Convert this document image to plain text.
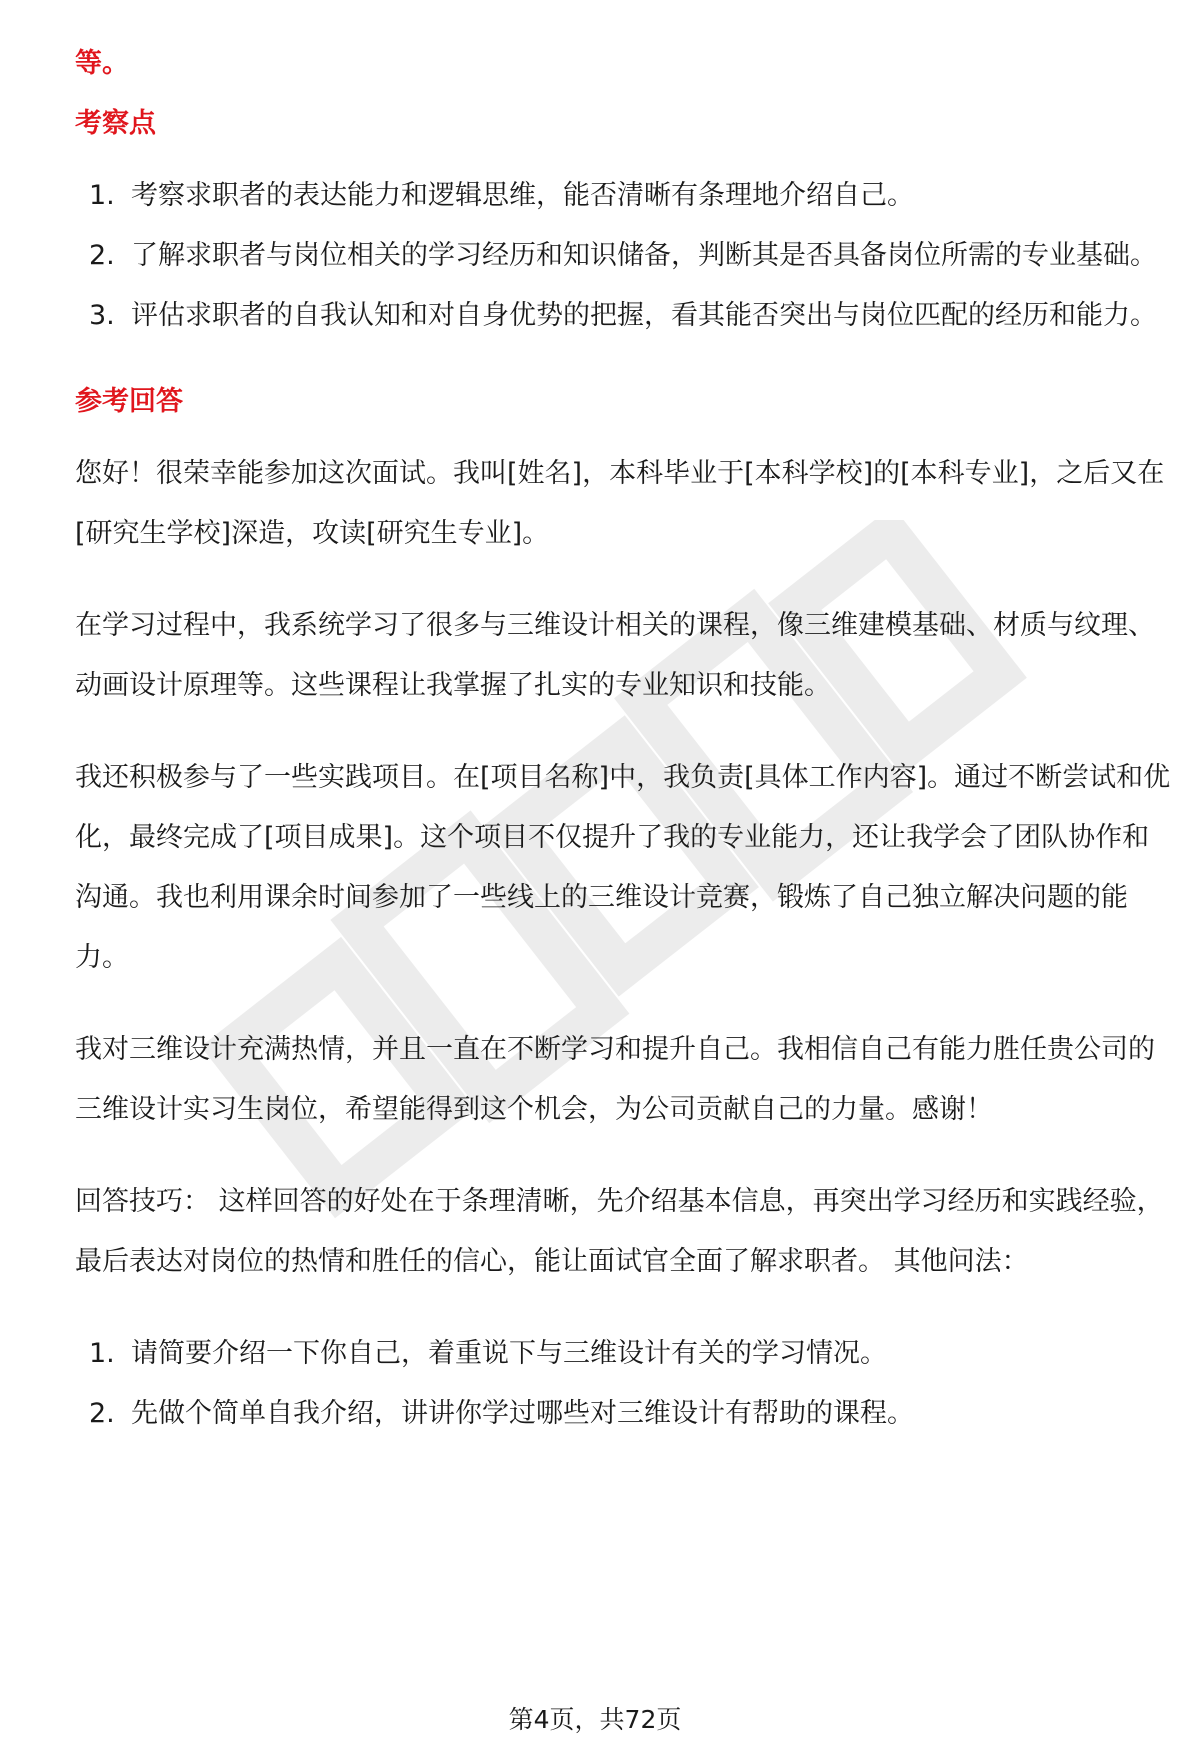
等。
考察点
1. 考察求职者的表达能力和逻辑思维，能否清晰有条理地介绍自己。
2. 了解求职者与岗位相关的学习经历和知识储备，判断其是否具备岗位所需的专业基础。
3. 评估求职者的自我认知和对自身优势的把握，看其能否突出与岗位匹配的经历和能力。
参考回答

您好！很荣幸能参加这次面试。我叫[姓名]，本科毕业于[本科学校]的[本科专业]，之后又在[研究生学校]深造，攻读[研究生专业]。

在学习过程中，我系统学习了很多与三维设计相关的课程，像三维建模基础、材质与纹理、动画设计原理等。这些课程让我掌握了扎实的专业知识和技能。

我还积极参与了一些实践项目。在[项目名称]中，我负责[具体工作内容]。通过不断尝试和优化，最终完成了[项目成果]。这个项目不仅提升了我的专业能力，还让我学会了团队协作和沟通。我也利用课余时间参加了一些线上的三维设计竞赛，锻炼了自己独立解决问题的能力。

我对三维设计充满热情，并且一直在不断学习和提升自己。我相信自己有能力胜任贵公司的三维设计实习生岗位，希望能得到这个机会，为公司贡献自己的力量。感谢！

回答技巧： 这样回答的好处在于条理清晰，先介绍基本信息，再突出学习经历和实践经验，最后表达对岗位的热情和胜任的信心，能让面试官全面了解求职者。 其他问法：

1. 请简要介绍一下你自己，着重说下与三维设计有关的学习情况。
2. 先做个简单自我介绍，讲讲你学过哪些对三维设计有帮助的课程。
第4页，共72页
